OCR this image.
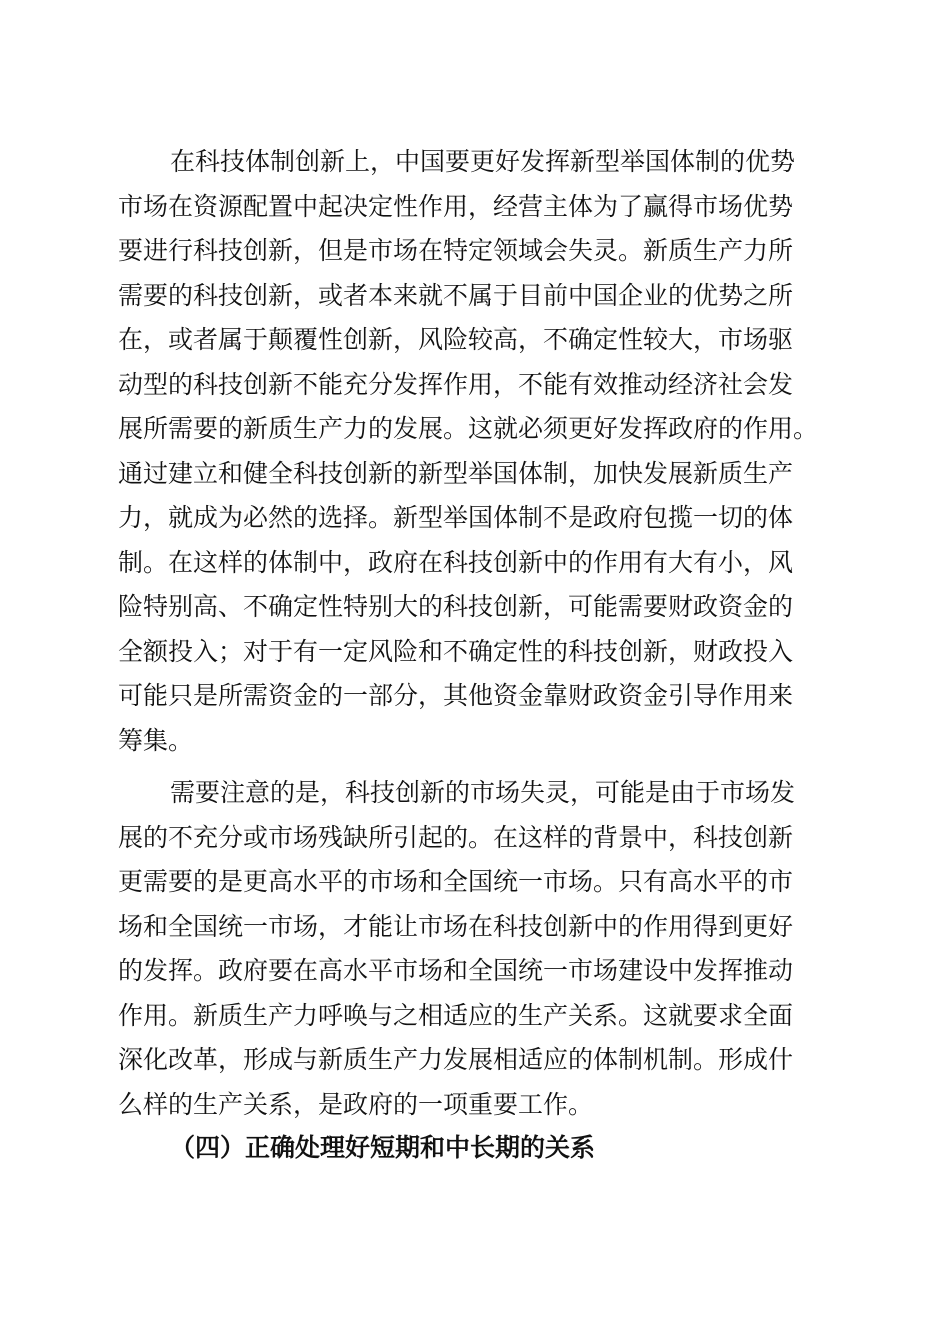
在科技体制创新上，中国要更好发挥新型举国体制的优势
市场在资源配置中起决定性作用，经营主体为了赢得市场优势
要进行科技创新，但是市场在特定领域会失灵。新质生产力所
需要的科技创新，或者本来就不属于目前中国企业的优势之所
在，或者属于颠覆性创新，风险较高，不确定性较大，市场驱
动型的科技创新不能充分发挥作用，不能有效推动经济社会发
展所需要的新质生产力的发展。这就必须更好发挥政府的作用。
通过建立和健全科技创新的新型举国体制，加快发展新质生产
力，就成为必然的选择。新型举国体制不是政府包揽一切的体
制。在这样的体制中，政府在科技创新中的作用有大有小，风
险特别高、不确定性特别大的科技创新，可能需要财政资金的
全额投入；对于有一定风险和不确定性的科技创新，财政投入
可能只是所需资金的一部分，其他资金靠财政资金引导作用来
筹集。
需要注意的是，科技创新的市场失灵，可能是由于市场发
展的不充分或市场残缺所引起的。在这样的背景中，科技创新
更需要的是更高水平的市场和全国统一市场。只有高水平的市
场和全国统一市场，才能让市场在科技创新中的作用得到更好
的发挥。政府要在高水平市场和全国统一市场建设中发挥推动
作用。新质生产力呼唤与之相适应的生产关系。这就要求全面
深化改革，形成与新质生产力发展相适应的体制机制。形成什
么样的生产关系，是政府的一项重要工作。
（四）正确处理好短期和中长期的关系
